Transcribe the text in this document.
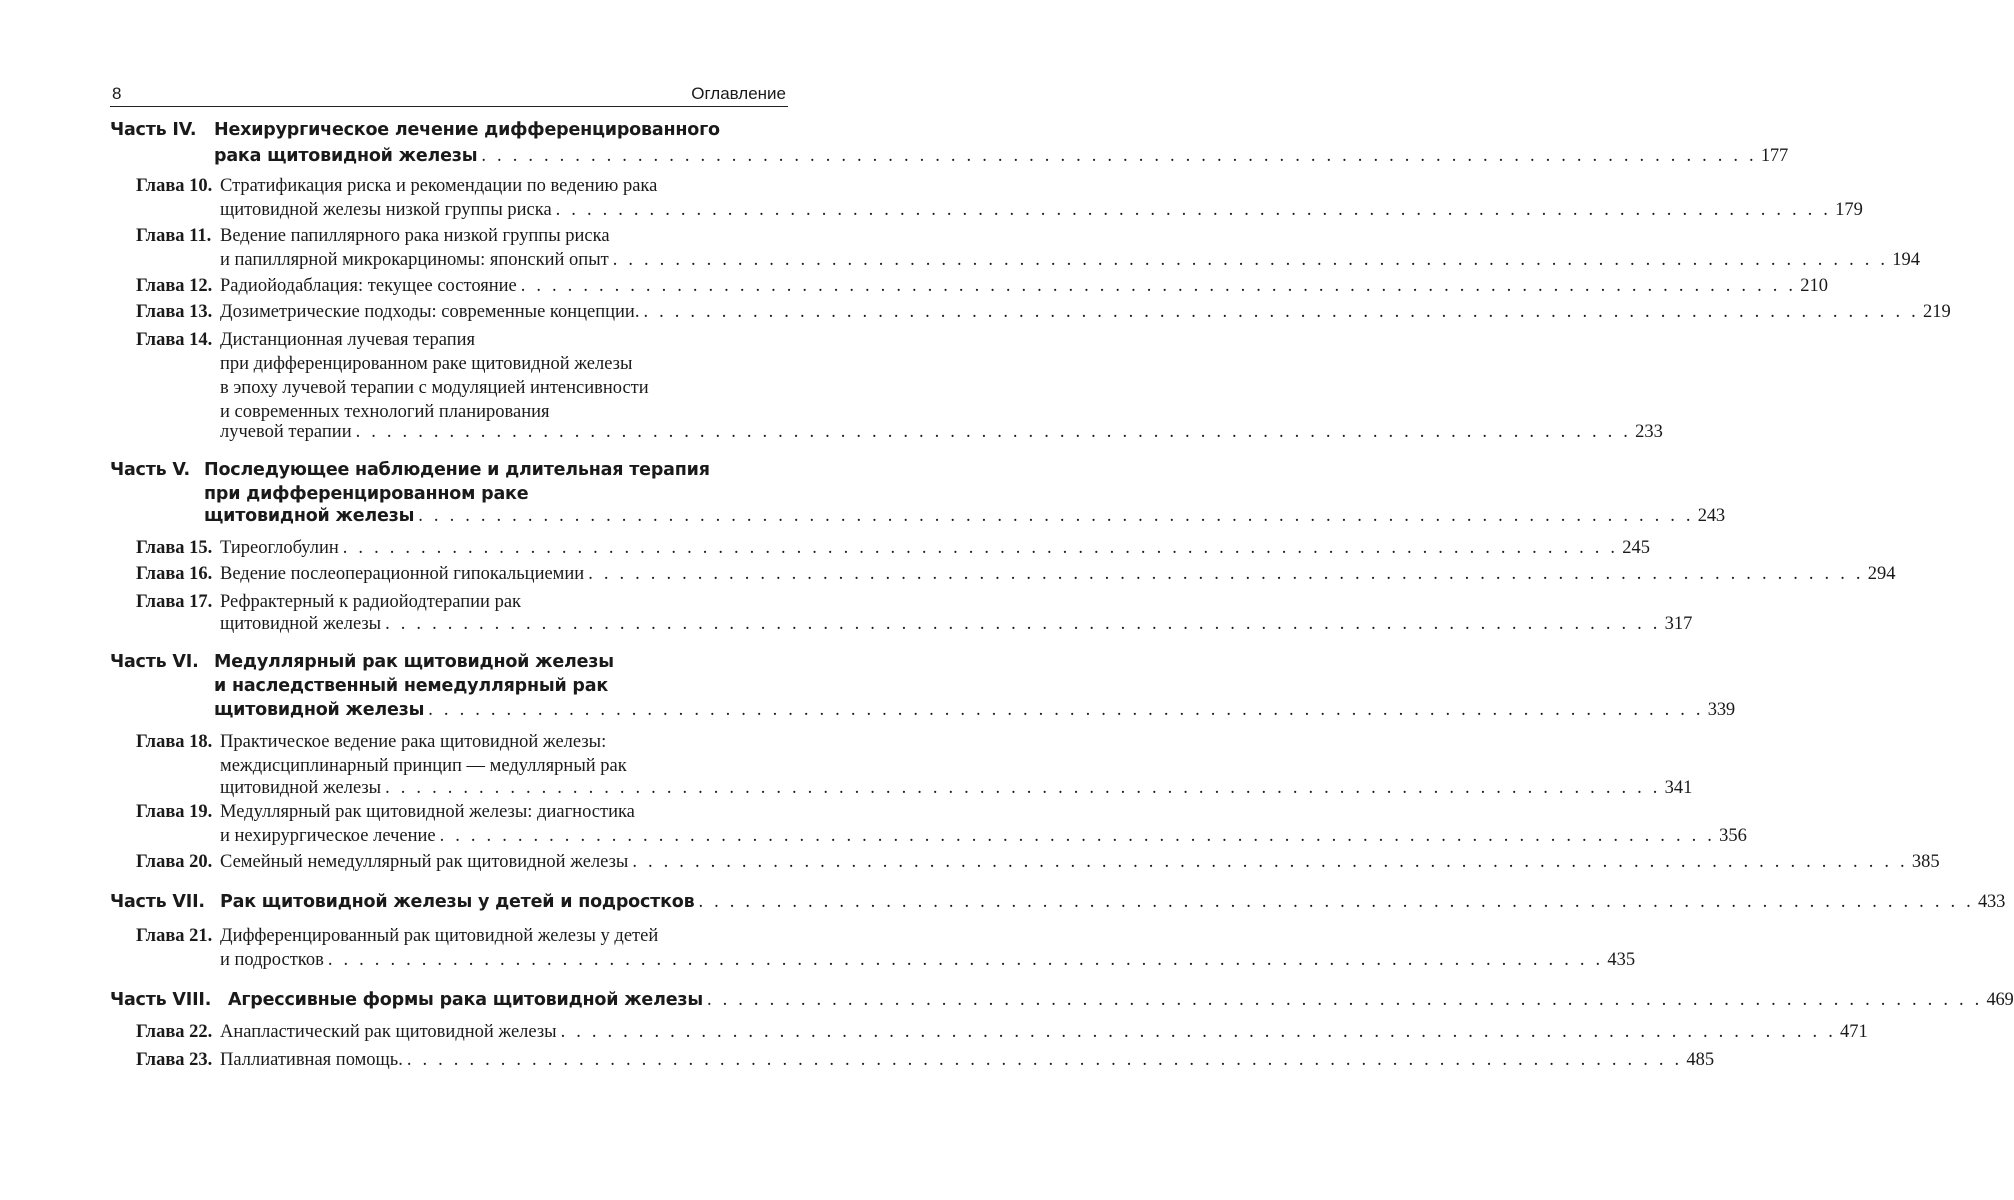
8	Оглавление
Часть IV. Нехирургическое лечение дифференцированного
рака щитовидной железы . . . . . . . . . . . . . . . . . . . . . . . . . . . . . . . . . . . . . . . . . . . . . . . . . . . . . . . . . . . . . . . . . . . . . . . . . . . . . . . . . . 177
Глава 10. Стратификация риска и рекомендации по ведению рака
щитовидной железы низкой группы риска . . . . . . . . . . . . . . . . . . . . . . . . . . . . . . . . . . . . . . . . . . . . . . . . . . . . . . . . . . . . . . . . . . . . . . . . . . . . . . . . . . 179
Глава 11. Ведение папиллярного рака низкой группы риска
и папиллярной микрокарциномы: японский опыт . . . . . . . . . . . . . . . . . . . . . . . . . . . . . . . . . . . . . . . . . . . . . . . . . . . . . . . . . . . . . . . . . . . . . . . . . . . . . . . . . . 194
Глава 12. Радиойодаблация: текущее состояние . . . . . . . . . . . . . . . . . . . . . . . . . . . . . . . . . . . . . . . . . . . . . . . . . . . . . . . . . . . . . . . . . . . . . . . . . . . . . . . . . . 210
Глава 13. Дозиметрические подходы: современные концепции. . . . . . . . . . . . . . . . . . . . . . . . . . . . . . . . . . . . . . . . . . . . . . . . . . . . . . . . . . . . . . . . . . . . . . . . . . . . . . . . . . . 219
Глава 14. Дистанционная лучевая терапия
при дифференцированном раке щитовидной железы
в эпоху лучевой терапии с модуляцией интенсивности
и современных технологий планирования
лучевой терапии . . . . . . . . . . . . . . . . . . . . . . . . . . . . . . . . . . . . . . . . . . . . . . . . . . . . . . . . . . . . . . . . . . . . . . . . . . . . . . . . . . 233
Часть V. Последующее наблюдение и длительная терапия
при дифференцированном раке
щитовидной железы . . . . . . . . . . . . . . . . . . . . . . . . . . . . . . . . . . . . . . . . . . . . . . . . . . . . . . . . . . . . . . . . . . . . . . . . . . . . . . . . . . 243
Глава 15. Тиреоглобулин . . . . . . . . . . . . . . . . . . . . . . . . . . . . . . . . . . . . . . . . . . . . . . . . . . . . . . . . . . . . . . . . . . . . . . . . . . . . . . . . . . 245
Глава 16. Ведение послеоперационной гипокальциемии . . . . . . . . . . . . . . . . . . . . . . . . . . . . . . . . . . . . . . . . . . . . . . . . . . . . . . . . . . . . . . . . . . . . . . . . . . . . . . . . . . 294
Глава 17. Рефрактерный к радиойодтерапии рак
щитовидной железы . . . . . . . . . . . . . . . . . . . . . . . . . . . . . . . . . . . . . . . . . . . . . . . . . . . . . . . . . . . . . . . . . . . . . . . . . . . . . . . . . . 317
Часть VI. Медуллярный рак щитовидной железы
и наследственный немедуллярный рак
щитовидной железы . . . . . . . . . . . . . . . . . . . . . . . . . . . . . . . . . . . . . . . . . . . . . . . . . . . . . . . . . . . . . . . . . . . . . . . . . . . . . . . . . . 339
Глава 18. Практическое ведение рака щитовидной железы:
междисциплинарный принцип — медуллярный рак
щитовидной железы . . . . . . . . . . . . . . . . . . . . . . . . . . . . . . . . . . . . . . . . . . . . . . . . . . . . . . . . . . . . . . . . . . . . . . . . . . . . . . . . . . 341
Глава 19. Медуллярный рак щитовидной железы: диагностика
и нехирургическое лечение . . . . . . . . . . . . . . . . . . . . . . . . . . . . . . . . . . . . . . . . . . . . . . . . . . . . . . . . . . . . . . . . . . . . . . . . . . . . . . . . . . 356
Глава 20. Семейный немедуллярный рак щитовидной железы . . . . . . . . . . . . . . . . . . . . . . . . . . . . . . . . . . . . . . . . . . . . . . . . . . . . . . . . . . . . . . . . . . . . . . . . . . . . . . . . . . 385
Часть VII. Рак щитовидной железы у детей и подростков . . . . . . . . . . . . . . . . . . . . . . . . . . . . . . . . . . . . . . . . . . . . . . . . . . . . . . . . . . . . . . . . . . . . . . . . . . . . . . . . . . 433
Глава 21. Дифференцированный рак щитовидной железы у детей
и подростков . . . . . . . . . . . . . . . . . . . . . . . . . . . . . . . . . . . . . . . . . . . . . . . . . . . . . . . . . . . . . . . . . . . . . . . . . . . . . . . . . . 435
Часть VIII. Агрессивные формы рака щитовидной железы . . . . . . . . . . . . . . . . . . . . . . . . . . . . . . . . . . . . . . . . . . . . . . . . . . . . . . . . . . . . . . . . . . . . . . . . . . . . . . . . . . 469
Глава 22. Анапластический рак щитовидной железы . . . . . . . . . . . . . . . . . . . . . . . . . . . . . . . . . . . . . . . . . . . . . . . . . . . . . . . . . . . . . . . . . . . . . . . . . . . . . . . . . . 471
Глава 23. Паллиативная помощь. . . . . . . . . . . . . . . . . . . . . . . . . . . . . . . . . . . . . . . . . . . . . . . . . . . . . . . . . . . . . . . . . . . . . . . . . . . . . . . . . . . 485
